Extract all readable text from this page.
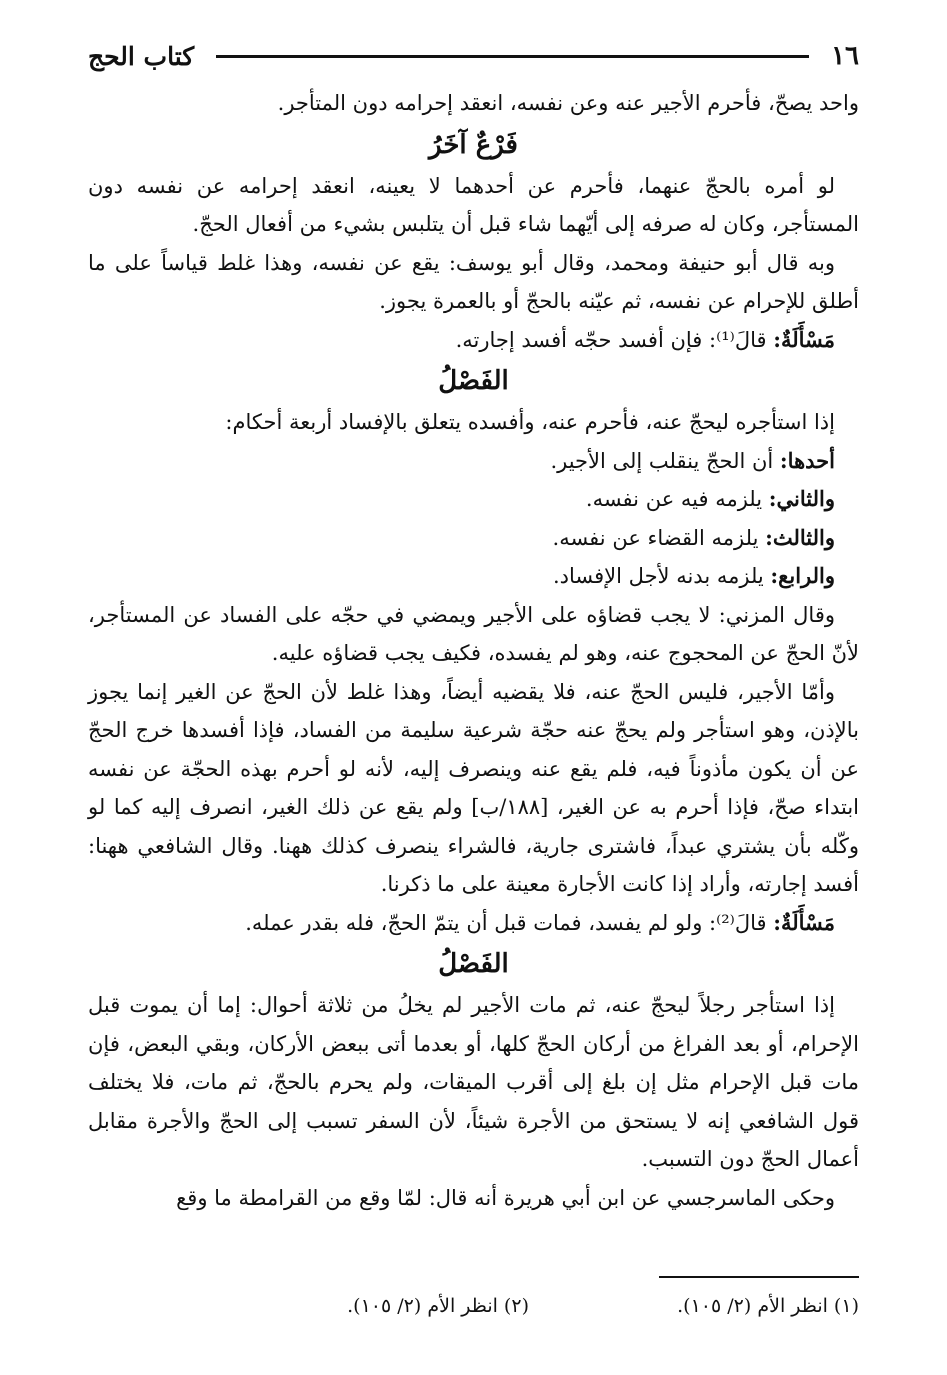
١٦
كتاب الحج

واحد يصحّ، فأحرم الأجير عنه وعن نفسه، انعقد إحرامه دون المتأجر.

فَرْعٌ آخَرُ

لو أمره بالحجّ عنهما، فأحرم عن أحدهما لا يعينه، انعقد إحرامه عن نفسه دون المستأجر، وكان له صرفه إلى أيّهما شاء قبل أن يتلبس بشيء من أفعال الحجّ.

وبه قال أبو حنيفة ومحمد، وقال أبو يوسف: يقع عن نفسه، وهذا غلط قياساً على ما أطلق للإحرام عن نفسه، ثم عيّنه بالحجّ أو بالعمرة يجوز.

مَسْأَلَةٌ: قالَ⁽¹⁾: فإن أفسد حجّه أفسد إجارته.

الفَصْلُ

إذا استأجره ليحجّ عنه، فأحرم عنه، وأفسده يتعلق بالإفساد أربعة أحكام:

أحدها: أن الحجّ ينقلب إلى الأجير.

والثاني: يلزمه فيه عن نفسه.

والثالث: يلزمه القضاء عن نفسه.

والرابع: يلزمه بدنه لأجل الإفساد.

وقال المزني: لا يجب قضاؤه على الأجير ويمضي في حجّه على الفساد عن المستأجر، لأنّ الحجّ عن المحجوج عنه، وهو لم يفسده، فكيف يجب قضاؤه عليه.

وأمّا الأجير، فليس الحجّ عنه، فلا يقضيه أيضاً، وهذا غلط لأن الحجّ عن الغير إنما يجوز بالإذن، وهو استأجر ولم يحجّ عنه حجّة شرعية سليمة من الفساد، فإذا أفسدها خرج الحجّ عن أن يكون مأذوناً فيه، فلم يقع عنه وينصرف إليه، لأنه لو أحرم بهذه الحجّة عن نفسه ابتداء صحّ، فإذا أحرم به عن الغير، [١٨٨/ب] ولم يقع عن ذلك الغير، انصرف إليه كما لو وكّله بأن يشتري عبداً، فاشترى جارية، فالشراء ينصرف كذلك ههنا. وقال الشافعي ههنا: أفسد إجارته، وأراد إذا كانت الأجارة معينة على ما ذكرنا.

مَسْأَلَةٌ: قالَ⁽²⁾: ولو لم يفسد، فمات قبل أن يتمّ الحجّ، فله بقدر عمله.

الفَصْلُ

إذا استأجر رجلاً ليحجّ عنه، ثم مات الأجير لم يخلُ من ثلاثة أحوال: إما أن يموت قبل الإحرام، أو بعد الفراغ من أركان الحجّ كلها، أو بعدما أتى ببعض الأركان، وبقي البعض، فإن مات قبل الإحرام مثل إن بلغ إلى أقرب الميقات، ولم يحرم بالحجّ، ثم مات، فلا يختلف قول الشافعي إنه لا يستحق من الأجرة شيئاً، لأن السفر تسبب إلى الحجّ والأجرة مقابل أعمال الحجّ دون التسبب.

وحكى الماسرجسي عن ابن أبي هريرة أنه قال: لمّا وقع من القرامطة ما وقع

(١) انظر الأم (٢/ ١٠٥).
(٢) انظر الأم (٢/ ١٠٥).
